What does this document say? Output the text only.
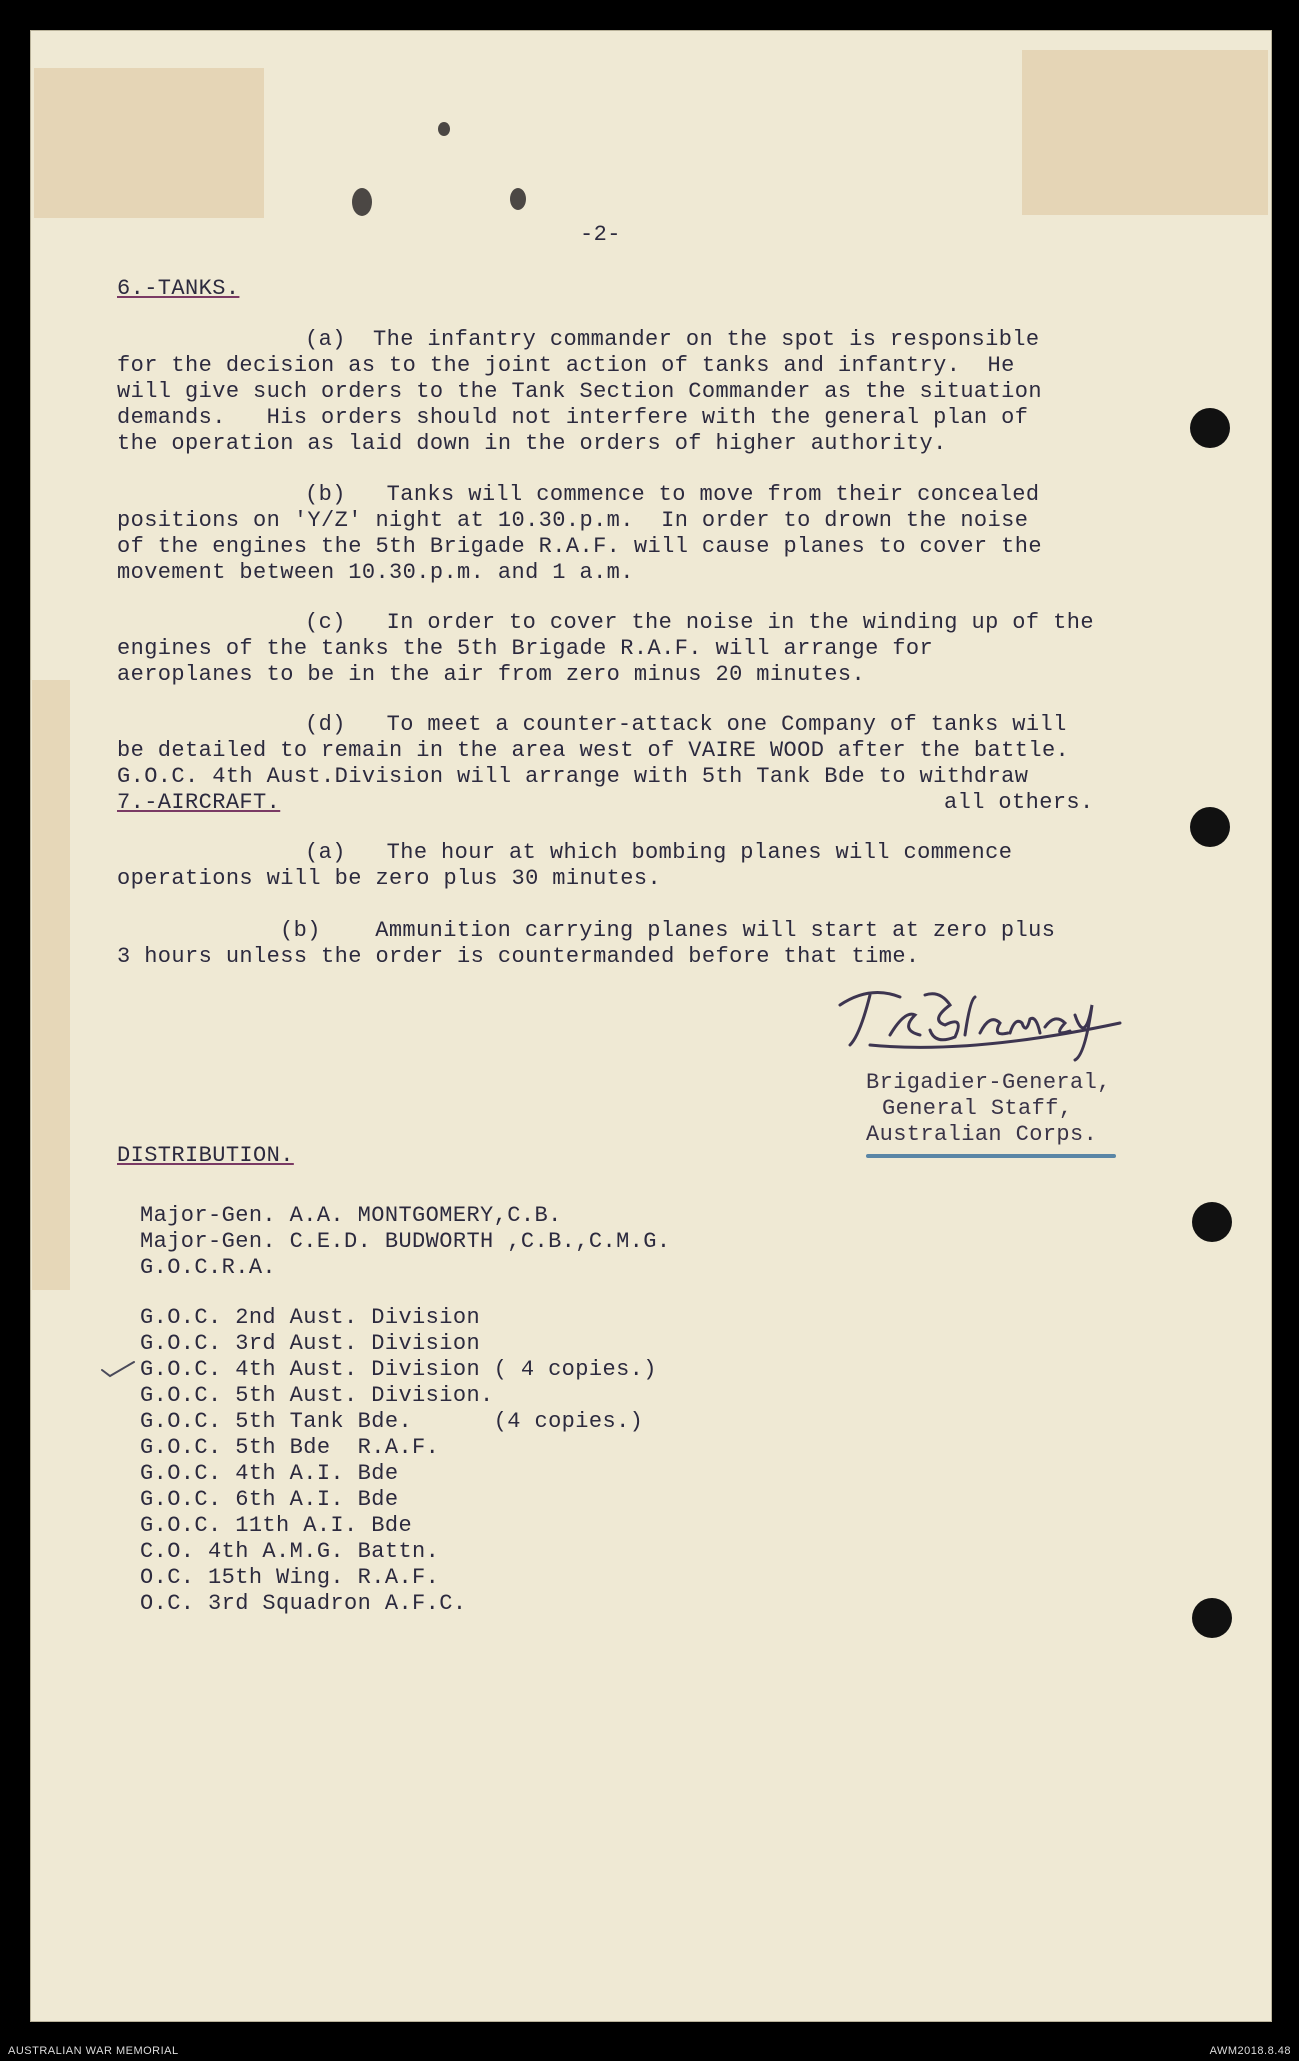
-2-
6.-TANKS.
(a)  The infantry commander on the spot is responsible
for the decision as to the joint action of tanks and infantry.  He
will give such orders to the Tank Section Commander as the situation
demands.   His orders should not interfere with the general plan of
the operation as laid down in the orders of higher authority.
(b)   Tanks will commence to move from their concealed
positions on 'Y/Z' night at 10.30.p.m.  In order to drown the noise
of the engines the 5th Brigade R.A.F. will cause planes to cover the
movement between 10.30.p.m. and 1 a.m.
(c)   In order to cover the noise in the winding up of the
engines of the tanks the 5th Brigade R.A.F. will arrange for
aeroplanes to be in the air from zero minus 20 minutes.
(d)   To meet a counter-attack one Company of tanks will
be detailed to remain in the area west of VAIRE WOOD after the battle.
G.O.C. 4th Aust.Division will arrange with 5th Tank Bde to withdraw
all others.
7.-AIRCRAFT.
(a)   The hour at which bombing planes will commence
operations will be zero plus 30 minutes.
(b)    Ammunition carrying planes will start at zero plus
3 hours unless the order is countermanded before that time.
Brigadier-General,
General Staff,
Australian Corps.
DISTRIBUTION.
Major-Gen. A.A. MONTGOMERY,C.B.
Major-Gen. C.E.D. BUDWORTH ,C.B.,C.M.G.
G.O.C.R.A.
G.O.C. 2nd Aust. Division
G.O.C. 3rd Aust. Division
G.O.C. 4th Aust. Division ( 4 copies.)
G.O.C. 5th Aust. Division.
G.O.C. 5th Tank Bde.      (4 copies.)
G.O.C. 5th Bde  R.A.F.
G.O.C. 4th A.I. Bde
G.O.C. 6th A.I. Bde
G.O.C. 11th A.I. Bde
C.O. 4th A.M.G. Battn.
O.C. 15th Wing. R.A.F.
O.C. 3rd Squadron A.F.C.
AUSTRALIAN WAR MEMORIAL	AWM2018.8.48
